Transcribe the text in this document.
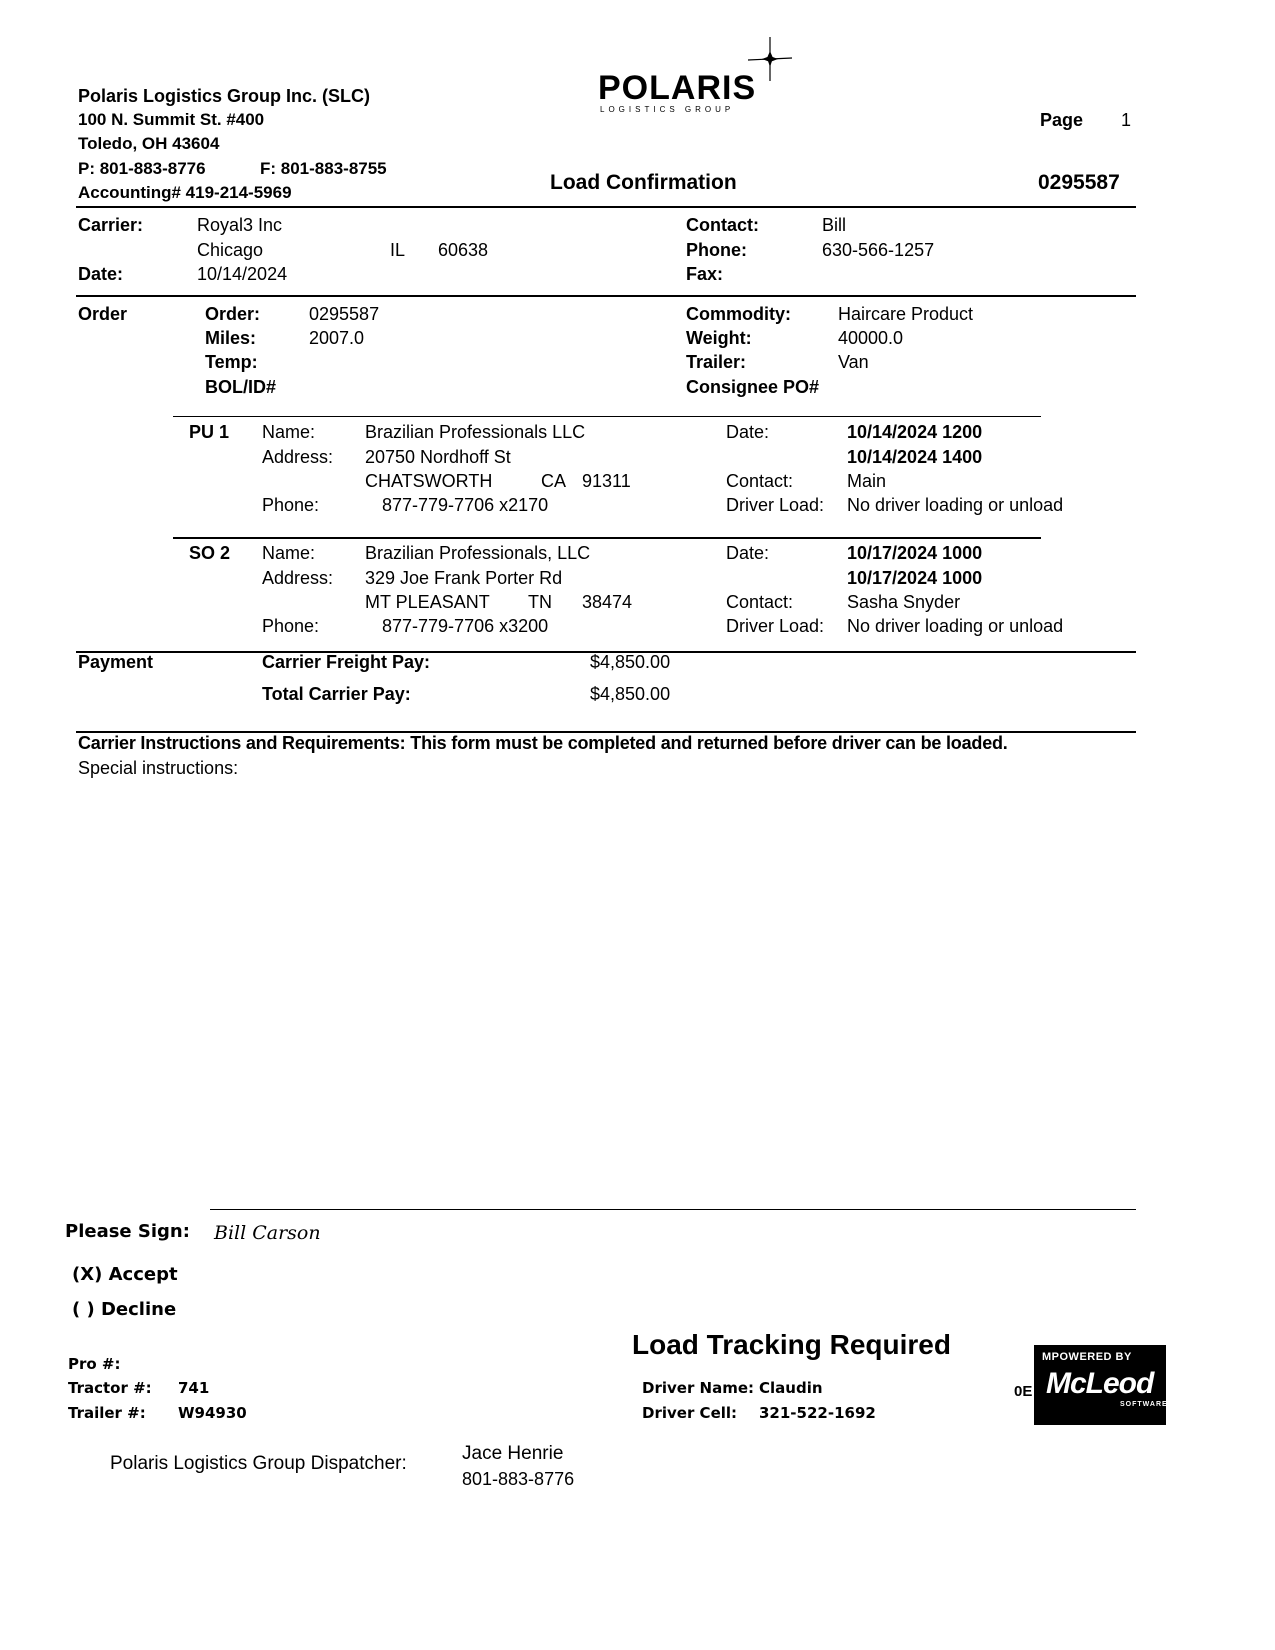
Polaris Logistics Group Inc. (SLC)
100 N. Summit St. #400
Toledo, OH 43604
P: 801-883-8776	F: 801-883-8755
Accounting# 419-214-5969
POLARIS
LOGISTICS GROUP
Page 1
Load Confirmation	0295587
Carrier:	Royal3 Inc
Chicago	IL 60638
Date:	10/14/2024
Contact:	Bill
Phone:	630-566-1257
Fax:
Order	Order:	0295587
Miles:	2007.0
Temp:
BOL/ID#
Commodity:	Haircare Product
Weight:	40000.0
Trailer:	Van
Consignee PO#
PU 1 Name:	Brazilian Professionals LLC
Address: 20750 Nordhoff St
CHATSWORTH	CA 91311
Phone:	877-779-7706 x2170
Date:	10/14/2024 1200
10/14/2024 1400
Contact:	Main
Driver Load: No driver loading or unload
SO 2 Name:	Brazilian Professionals, LLC
Address: 329 Joe Frank Porter Rd
MT PLEASANT TN 38474
Phone:	877-779-7706 x3200
Date:	10/17/2024 1000
10/17/2024 1000
Contact:	Sasha Snyder
Driver Load: No driver loading or unload
Payment	Carrier Freight Pay:	$4,850.00
Total Carrier Pay:	$4,850.00
Carrier Instructions and Requirements: This form must be completed and returned before driver can be loaded.
Special instructions:
Please Sign: Bill Carson
(X) Accept
( ) Decline
Load Tracking Required
Pro #:
Tractor #: 741
Trailer #: W94930
Driver Name: Claudin
Driver Cell: 321-522-1692
0E
MPOWERED BY
McLeod
SOFTWARE
Polaris Logistics Group Dispatcher:	Jace Henrie
801-883-8776
